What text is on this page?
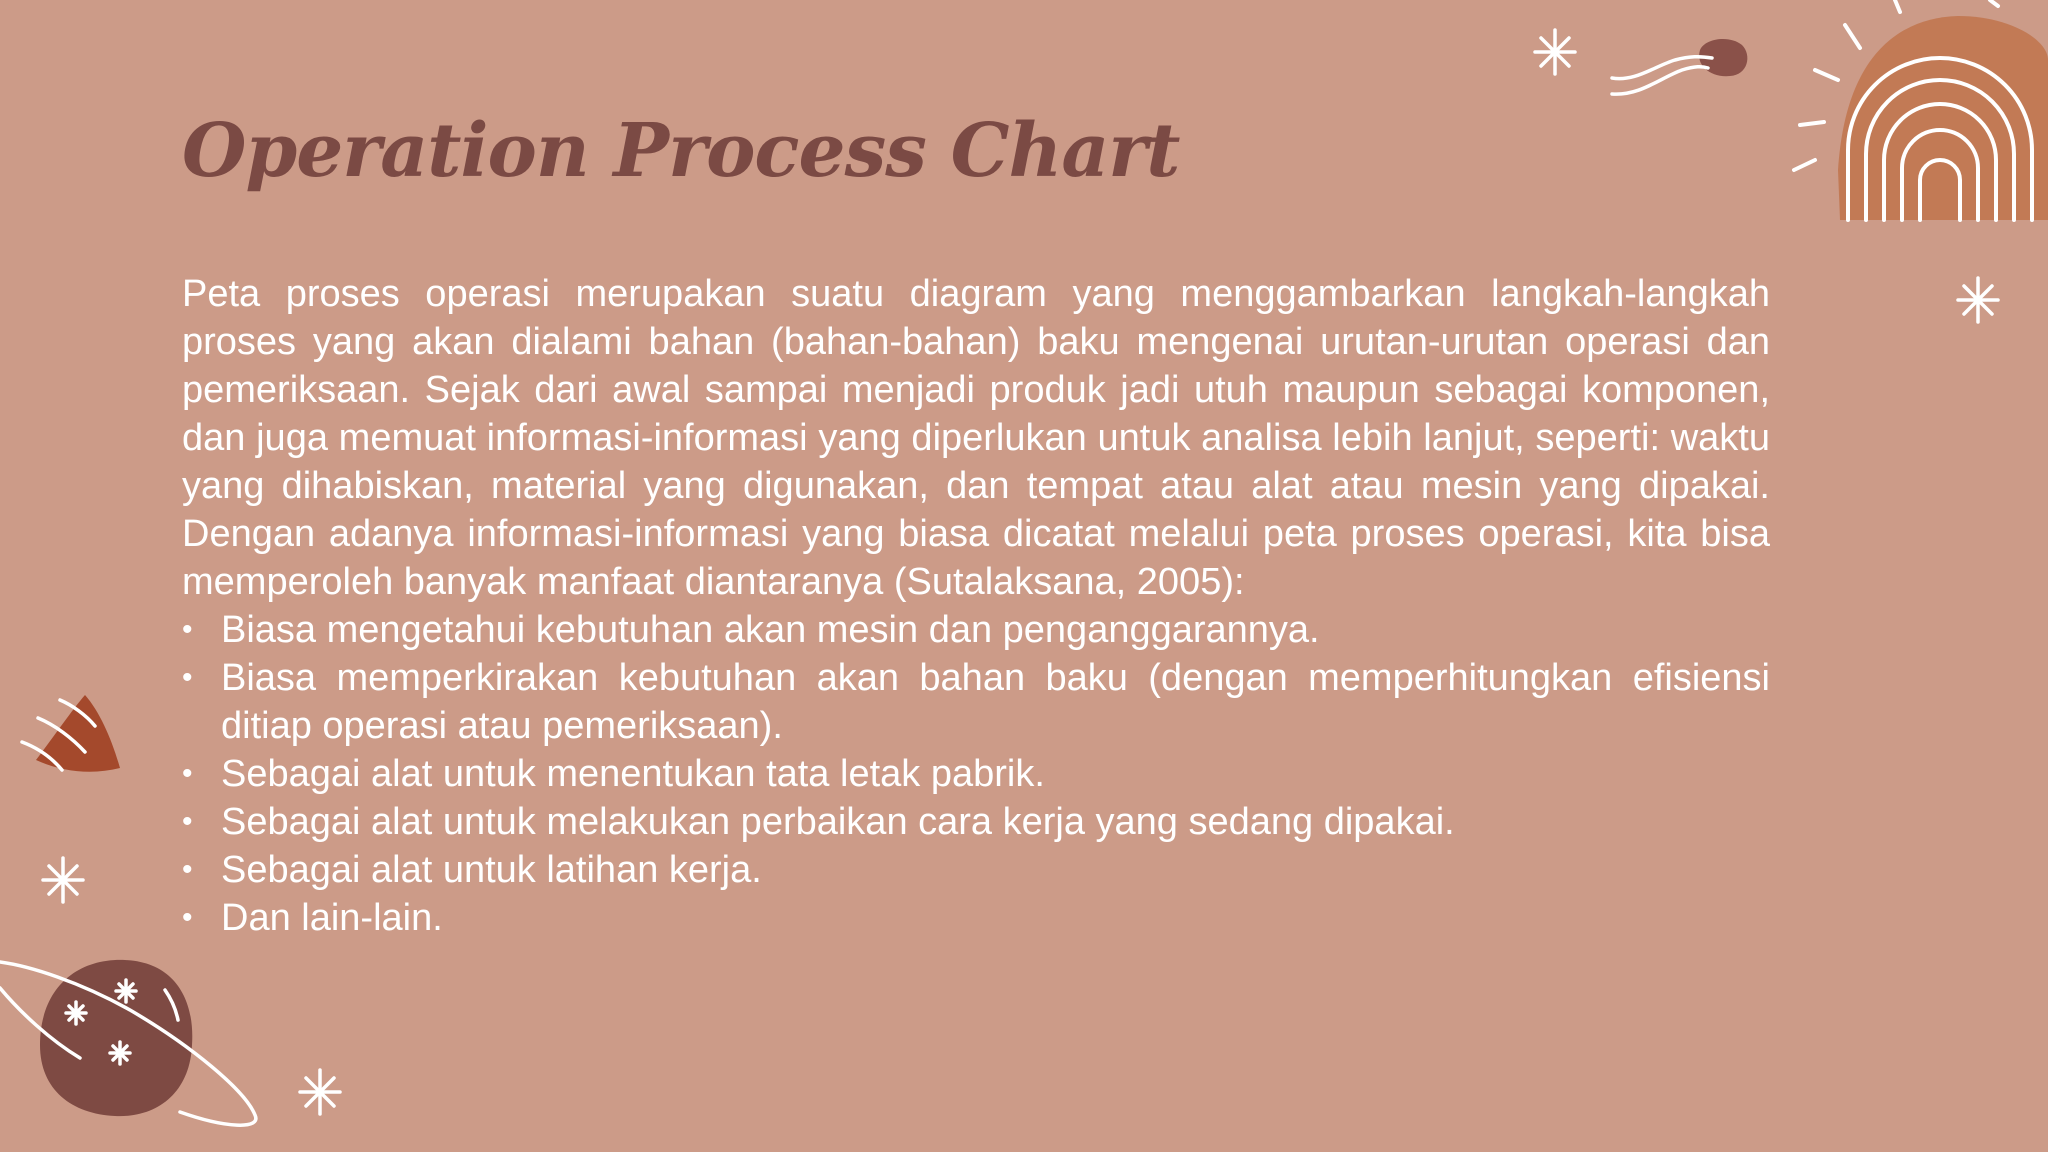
Operation Process Chart

Peta proses operasi merupakan suatu diagram yang menggambarkan langkah-langkah proses yang akan dialami bahan (bahan-bahan) baku mengenai urutan-urutan operasi dan pemeriksaan. Sejak dari awal sampai menjadi produk jadi utuh maupun sebagai komponen, dan juga memuat informasi-informasi yang diperlukan untuk analisa lebih lanjut, seperti: waktu yang dihabiskan, material yang digunakan, dan tempat atau alat atau mesin yang dipakai. Dengan adanya informasi-informasi yang biasa dicatat melalui peta proses operasi, kita bisa memperoleh banyak manfaat diantaranya (Sutalaksana, 2005):

• Biasa mengetahui kebutuhan akan mesin dan penganggarannya.
• Biasa memperkirakan kebutuhan akan bahan baku (dengan memperhitungkan efisiensi ditiap operasi atau pemeriksaan).
• Sebagai alat untuk menentukan tata letak pabrik.
• Sebagai alat untuk melakukan perbaikan cara kerja yang sedang dipakai.
• Sebagai alat untuk latihan kerja.
• Dan lain-lain.
